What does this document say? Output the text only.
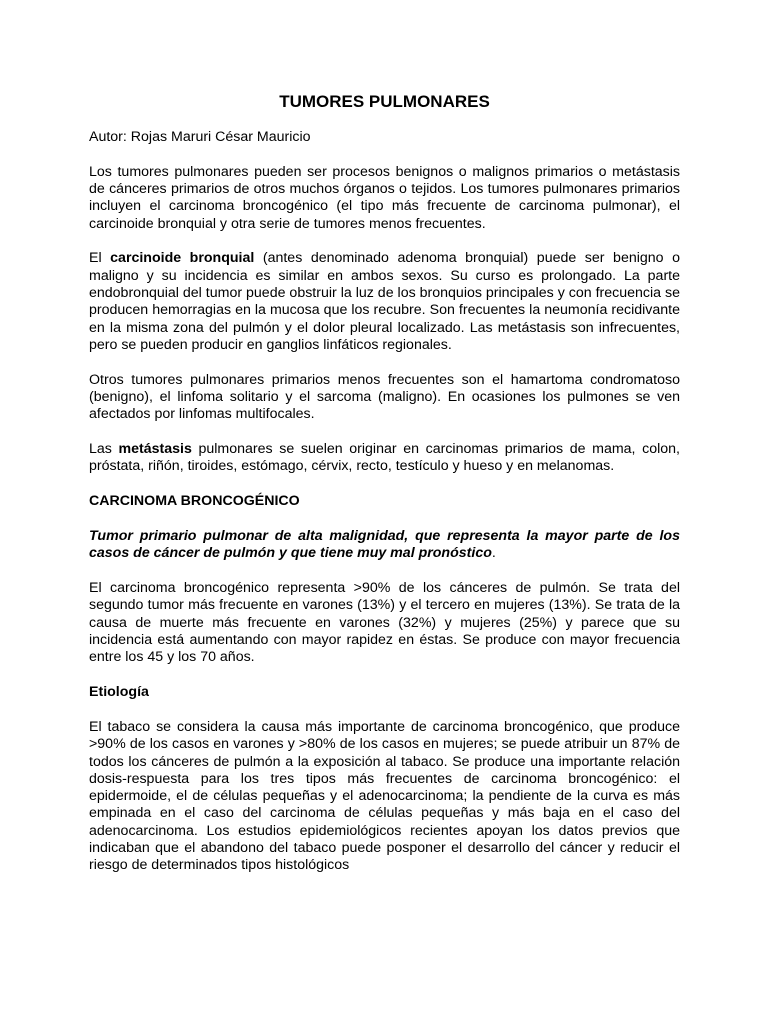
TUMORES PULMONARES

Autor: Rojas Maruri César Mauricio

Los tumores pulmonares pueden ser procesos benignos o malignos primarios o metástasis de cánceres primarios de otros muchos órganos o tejidos. Los tumores pulmonares primarios incluyen el carcinoma broncogénico (el tipo más frecuente de carcinoma pulmonar), el carcinoide bronquial y otra serie de tumores menos frecuentes.

El carcinoide bronquial (antes denominado adenoma bronquial) puede ser benigno o maligno y su incidencia es similar en ambos sexos. Su curso es prolongado. La parte endobronquial del tumor puede obstruir la luz de los bronquios principales y con frecuencia se producen hemorragias en la mucosa que los recubre. Son frecuentes la neumonía recidivante en la misma zona del pulmón y el dolor pleural localizado. Las metástasis son infrecuentes, pero se pueden producir en ganglios linfáticos regionales.

Otros tumores pulmonares primarios menos frecuentes son el hamartoma condromatoso (benigno), el linfoma solitario y el sarcoma (maligno). En ocasiones los pulmones se ven afectados por linfomas multifocales.

Las metástasis pulmonares se suelen originar en carcinomas primarios de mama, colon, próstata, riñón, tiroides, estómago, cérvix, recto, testículo y hueso y en melanomas.

CARCINOMA BRONCOGÉNICO

Tumor primario pulmonar de alta malignidad, que representa la mayor parte de los casos de cáncer de pulmón y que tiene muy mal pronóstico.

El carcinoma broncogénico representa >90% de los cánceres de pulmón. Se trata del segundo tumor más frecuente en varones (13%) y el tercero en mujeres (13%). Se trata de la causa de muerte más frecuente en varones (32%) y mujeres (25%) y parece que su incidencia está aumentando con mayor rapidez en éstas. Se produce con mayor frecuencia entre los 45 y los 70 años.

Etiología

El tabaco se considera la causa más importante de carcinoma broncogénico, que produce >90% de los casos en varones y >80% de los casos en mujeres; se puede atribuir un 87% de todos los cánceres de pulmón a la exposición al tabaco. Se produce una importante relación dosis-respuesta para los tres tipos más frecuentes de carcinoma broncogénico: el epidermoide, el de células pequeñas y el adenocarcinoma; la pendiente de la curva es más empinada en el caso del carcinoma de células pequeñas y más baja en el caso del adenocarcinoma. Los estudios epidemiológicos recientes apoyan los datos previos que indicaban que el abandono del tabaco puede posponer el desarrollo del cáncer y reducir el riesgo de determinados tipos histológicos
